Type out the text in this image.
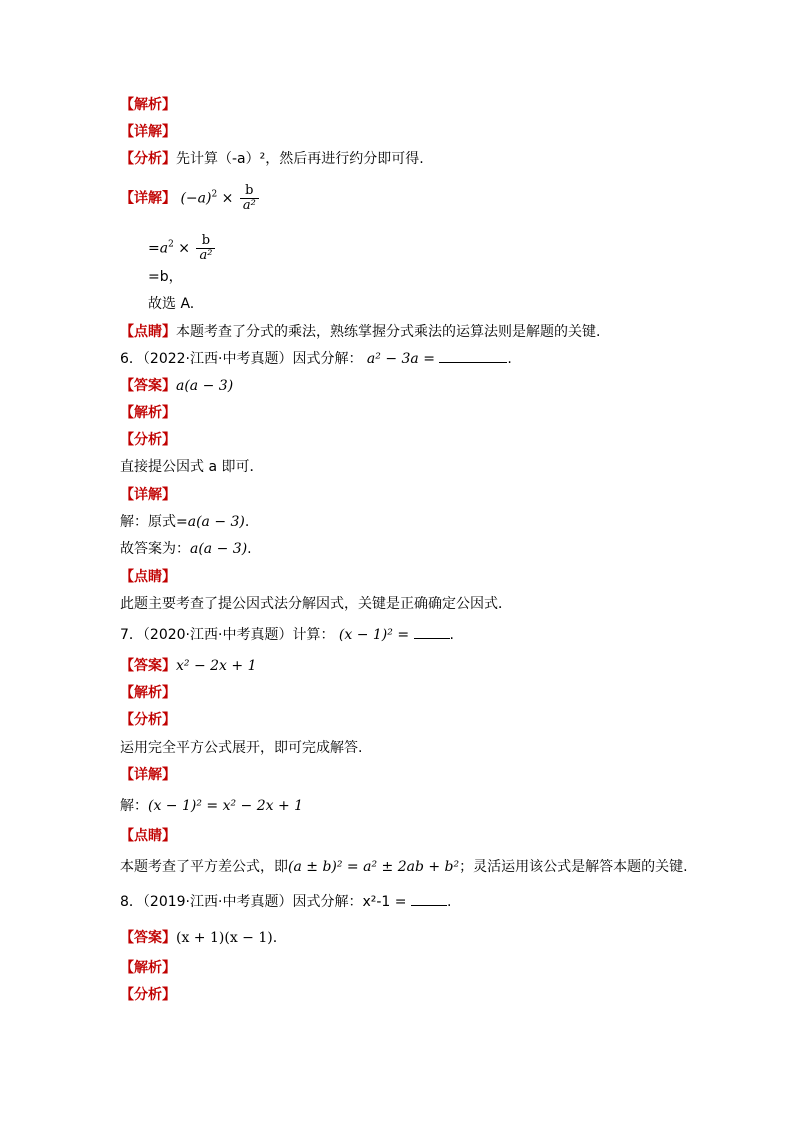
【解析】
【详解】
【分析】先计算（-a）²，然后再进行约分即可得.
【详解】 $(-a)^2 \times \frac{b}{\text{a²}}$
$=a^2 \times \frac{b}{\text{a²}}$
=b，
故选 A.
【点睛】本题考查了分式的乘法，熟练掌握分式乘法的运算法则是解题的关键.
6．（2022·江西·中考真题）因式分解： a² − 3a =	.
【答案】a(a − 3)
【解析】
【分析】
直接提公因式 a 即可．
【详解】
解：原式=a(a − 3).
故答案为：a(a − 3).
【点睛】
此题主要考查了提公因式法分解因式，关键是正确确定公因式．
7．（2020·江西·中考真题）计算： (x − 1)² =	.
【答案】x² − 2x + 1
【解析】
【分析】
运用完全平方公式展开，即可完成解答.
【详解】
解：(x − 1)² = x² − 2x + 1
【点睛】
本题考查了平方差公式，即(a ± b)² = a² ± 2ab + b²；灵活运用该公式是解答本题的关键.
8．（2019·江西·中考真题）因式分解：x²-1 =	.
【答案】(x + 1)(x − 1).
【解析】
【分析】
